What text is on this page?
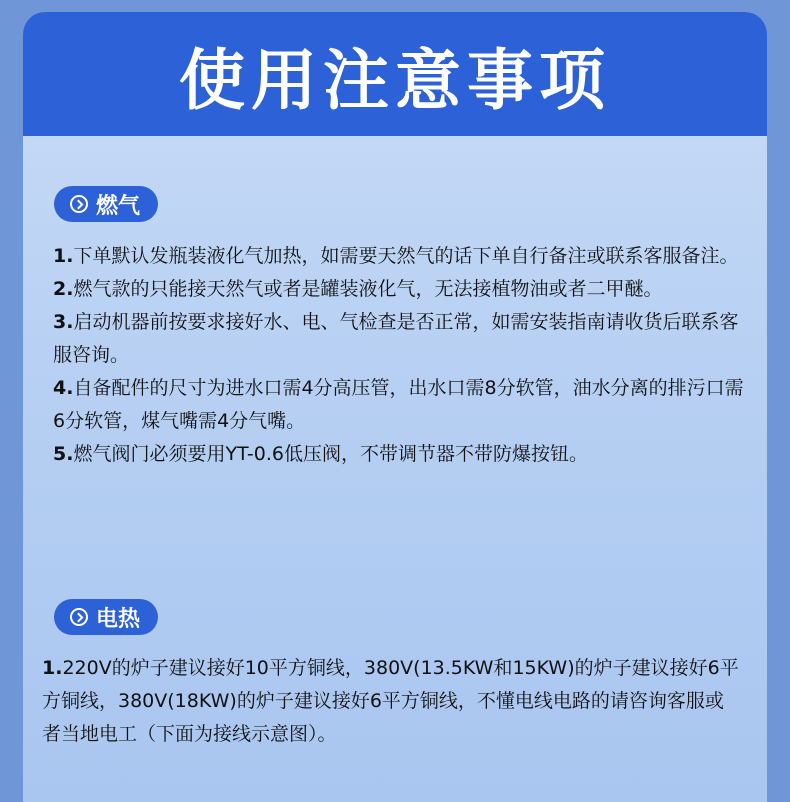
使用注意事项
燃气

1.下单默认发瓶装液化气加热，如需要天然气的话下单自行备注或联系客服备注。

2.燃气款的只能接天然气或者是罐装液化气，无法接植物油或者二甲醚。

3.启动机器前按要求接好水、电、气检查是否正常，如需安装指南请收货后联系客服咨询。

4.自备配件的尺寸为进水口需4分高压管，出水口需8分软管，油水分离的排污口需6分软管，煤气嘴需4分气嘴。

5.燃气阀门必须要用YT-0.6低压阀，不带调节器不带防爆按钮。

电热

1.220V的炉子建议接好10平方铜线，380V(13.5KW和15KW)的炉子建议接好6平方铜线，380V(18KW)的炉子建议接好6平方铜线，不懂电线电路的请咨询客服或者当地电工（下面为接线示意图）。
